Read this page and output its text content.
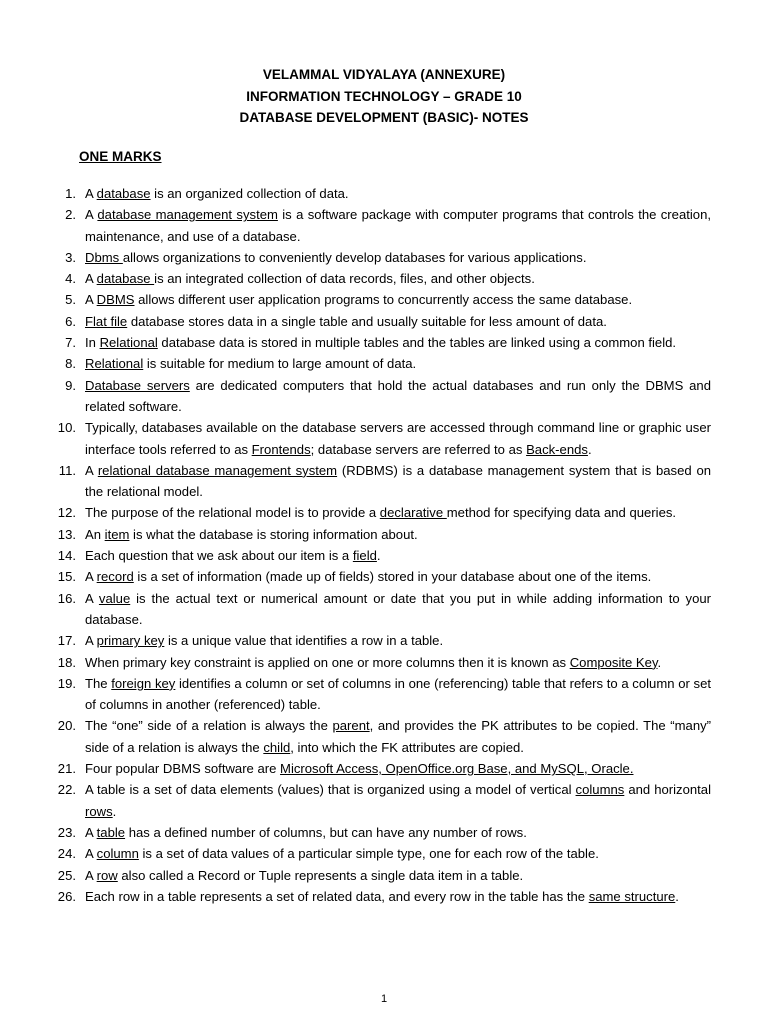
VELAMMAL VIDYALAYA (ANNEXURE)
INFORMATION TECHNOLOGY – GRADE 10
DATABASE DEVELOPMENT (BASIC)- NOTES
ONE MARKS
1. A database is an organized collection of data.
2. A database management system is a software package with computer programs that controls the creation, maintenance, and use of a database.
3. Dbms allows organizations to conveniently develop databases for various applications.
4. A database is an integrated collection of data records, files, and other objects.
5. A DBMS allows different user application programs to concurrently access the same database.
6. Flat file database stores data in a single table and usually suitable for less amount of data.
7. In Relational database data is stored in multiple tables and the tables are linked using a common field.
8. Relational is suitable for medium to large amount of data.
9. Database servers are dedicated computers that hold the actual databases and run only the DBMS and related software.
10. Typically, databases available on the database servers are accessed through command line or graphic user interface tools referred to as Frontends; database servers are referred to as Back-ends.
11. A relational database management system (RDBMS) is a database management system that is based on the relational model.
12. The purpose of the relational model is to provide a declarative method for specifying data and queries.
13. An item is what the database is storing information about.
14. Each question that we ask about our item is a field.
15. A record is a set of information (made up of fields) stored in your database about one of the items.
16. A value is the actual text or numerical amount or date that you put in while adding information to your database.
17. A primary key is a unique value that identifies a row in a table.
18. When primary key constraint is applied on one or more columns then it is known as Composite Key.
19. The foreign key identifies a column or set of columns in one (referencing) table that refers to a column or set of columns in another (referenced) table.
20. The “one” side of a relation is always the parent, and provides the PK attributes to be copied. The “many” side of a relation is always the child, into which the FK attributes are copied.
21. Four popular DBMS software are Microsoft Access, OpenOffice.org Base, and MySQL, Oracle.
22. A table is a set of data elements (values) that is organized using a model of vertical columns and horizontal rows.
23. A table has a defined number of columns, but can have any number of rows.
24. A column is a set of data values of a particular simple type, one for each row of the table.
25. A row also called a Record or Tuple represents a single data item in a table.
26. Each row in a table represents a set of related data, and every row in the table has the same structure.
1
